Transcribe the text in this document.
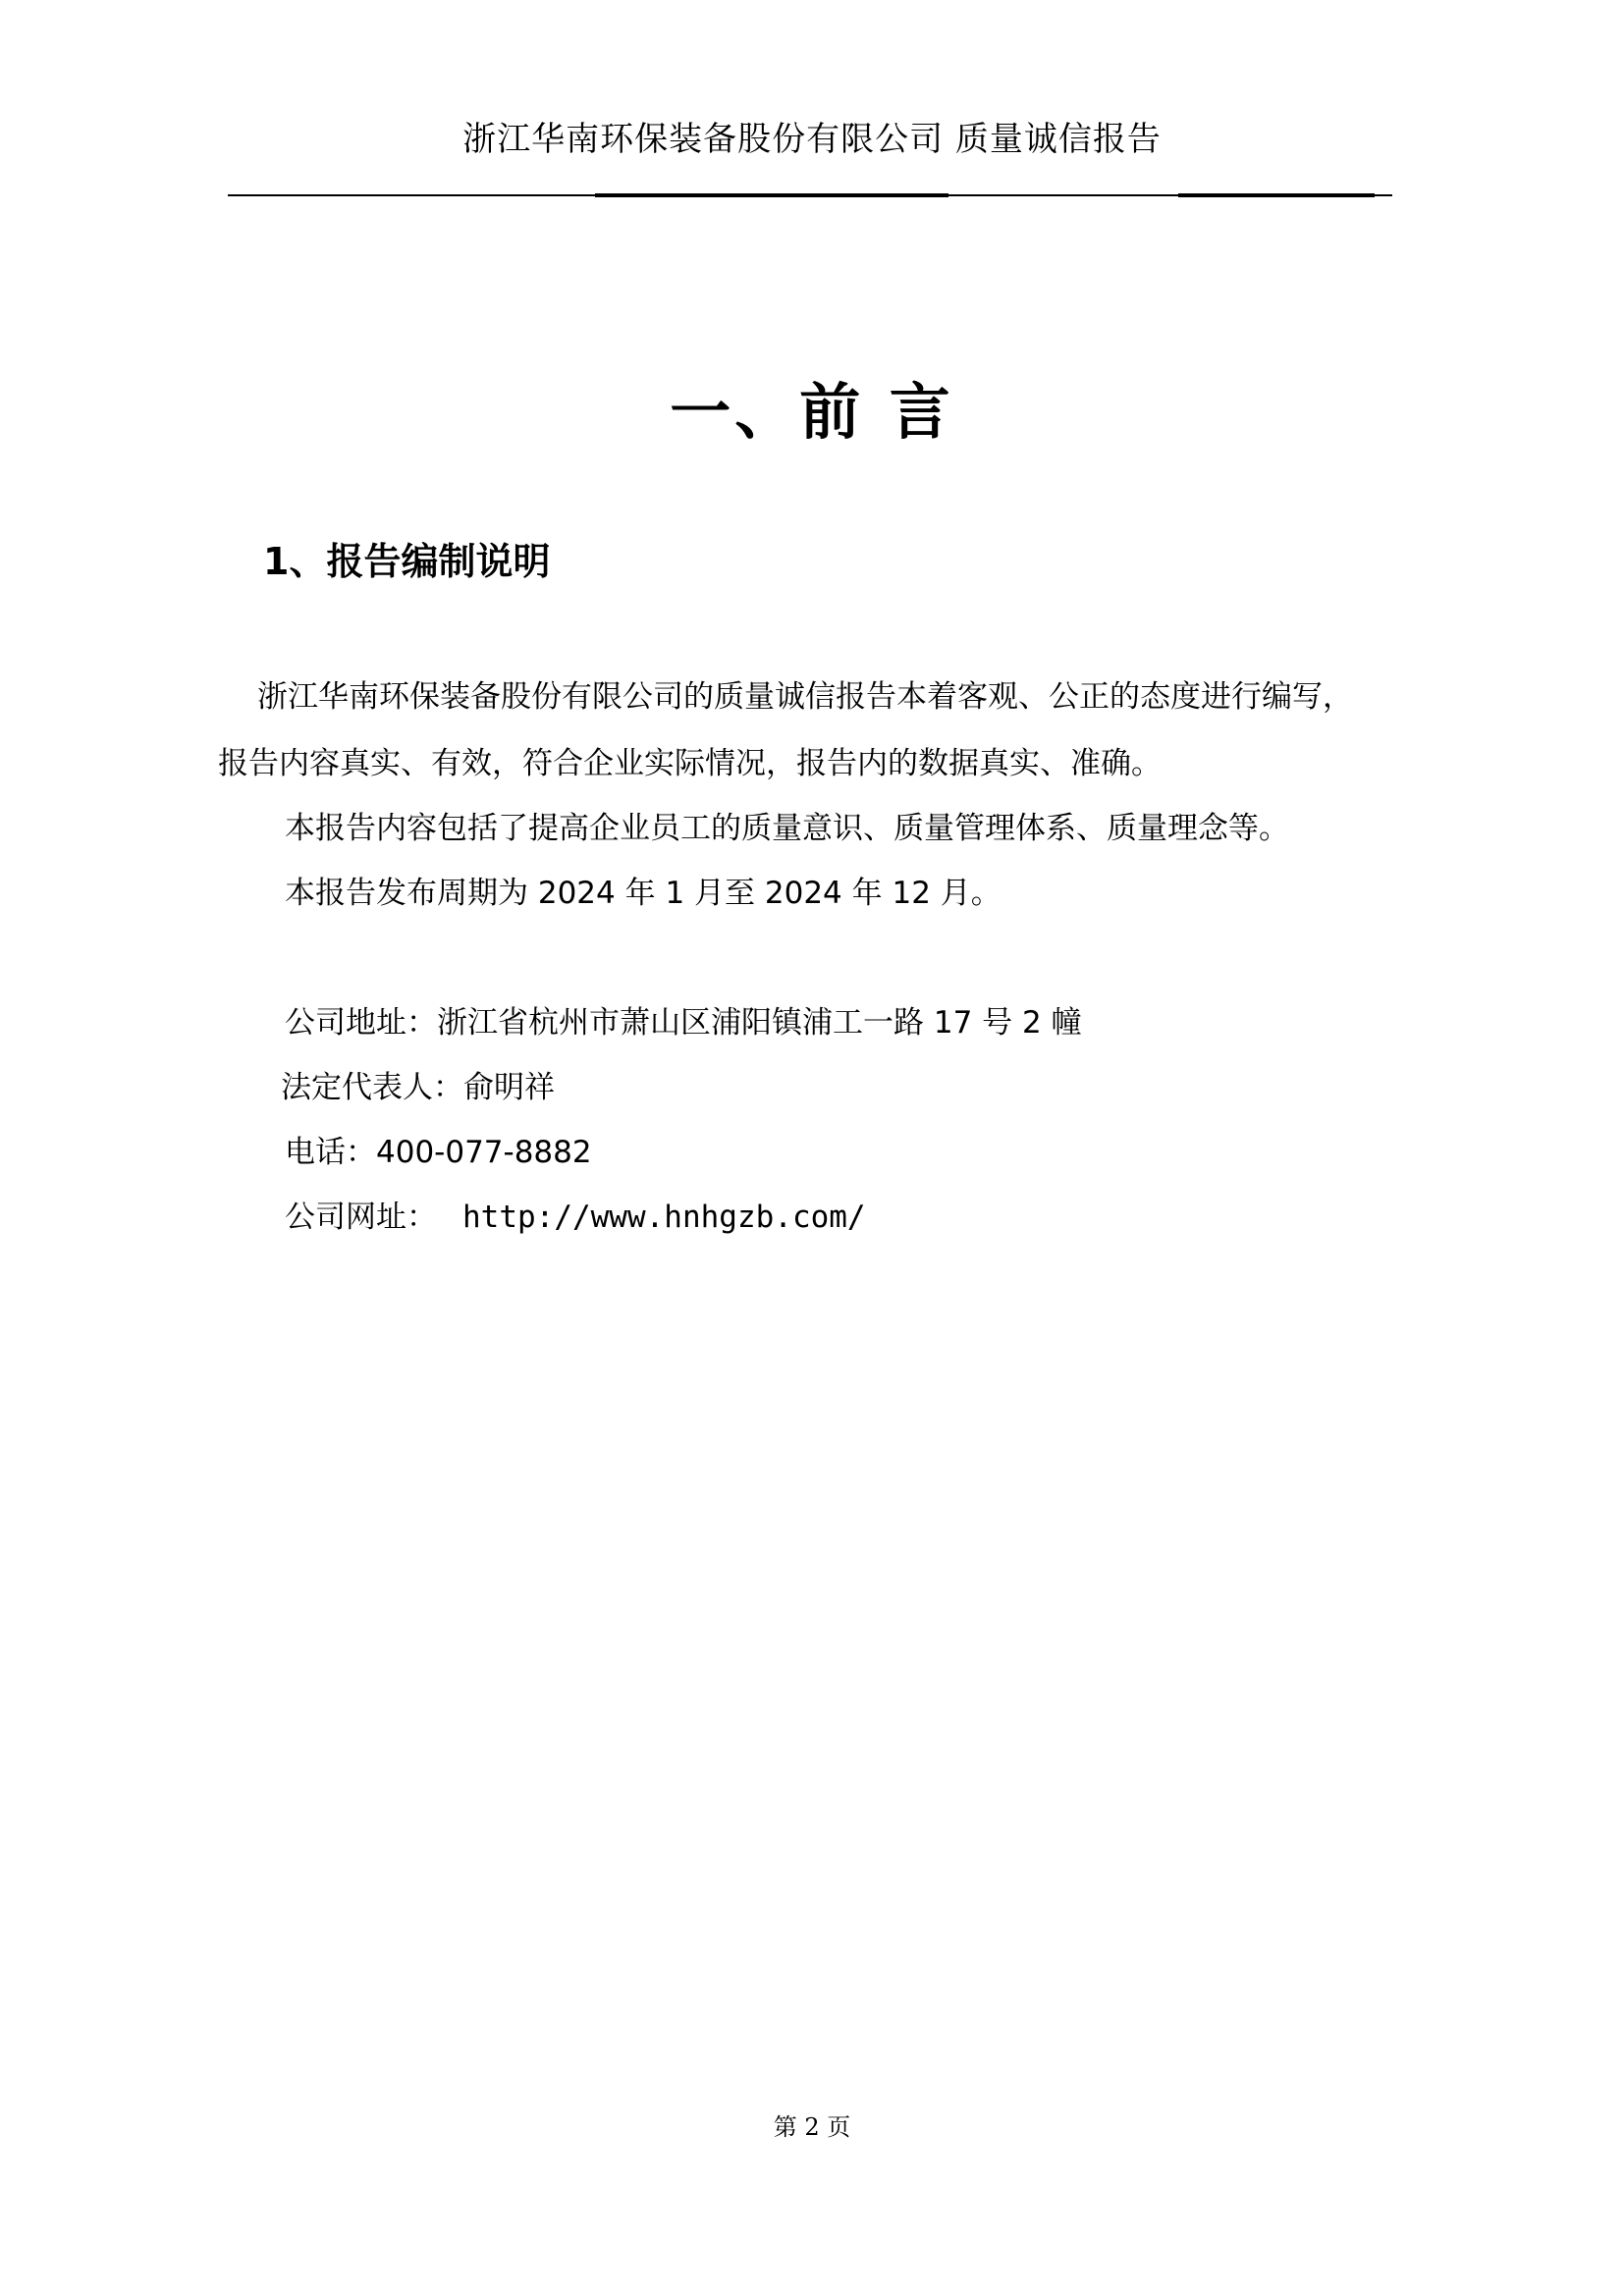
浙江华南环保装备股份有限公司 质量诚信报告
一、前 言
1、报告编制说明
浙江华南环保装备股份有限公司的质量诚信报告本着客观、公正的态度进行编写，
报告内容真实、有效，符合企业实际情况，报告内的数据真实、准确。
本报告内容包括了提高企业员工的质量意识、质量管理体系、质量理念等。
本报告发布周期为 2024 年 1 月至 2024 年 12 月。
公司地址：浙江省杭州市萧山区浦阳镇浦工一路 17 号 2 幢
法定代表人：俞明祥
电话：400-077-8882
公司网址： http://www.hnhgzb.com/
第 2 页
